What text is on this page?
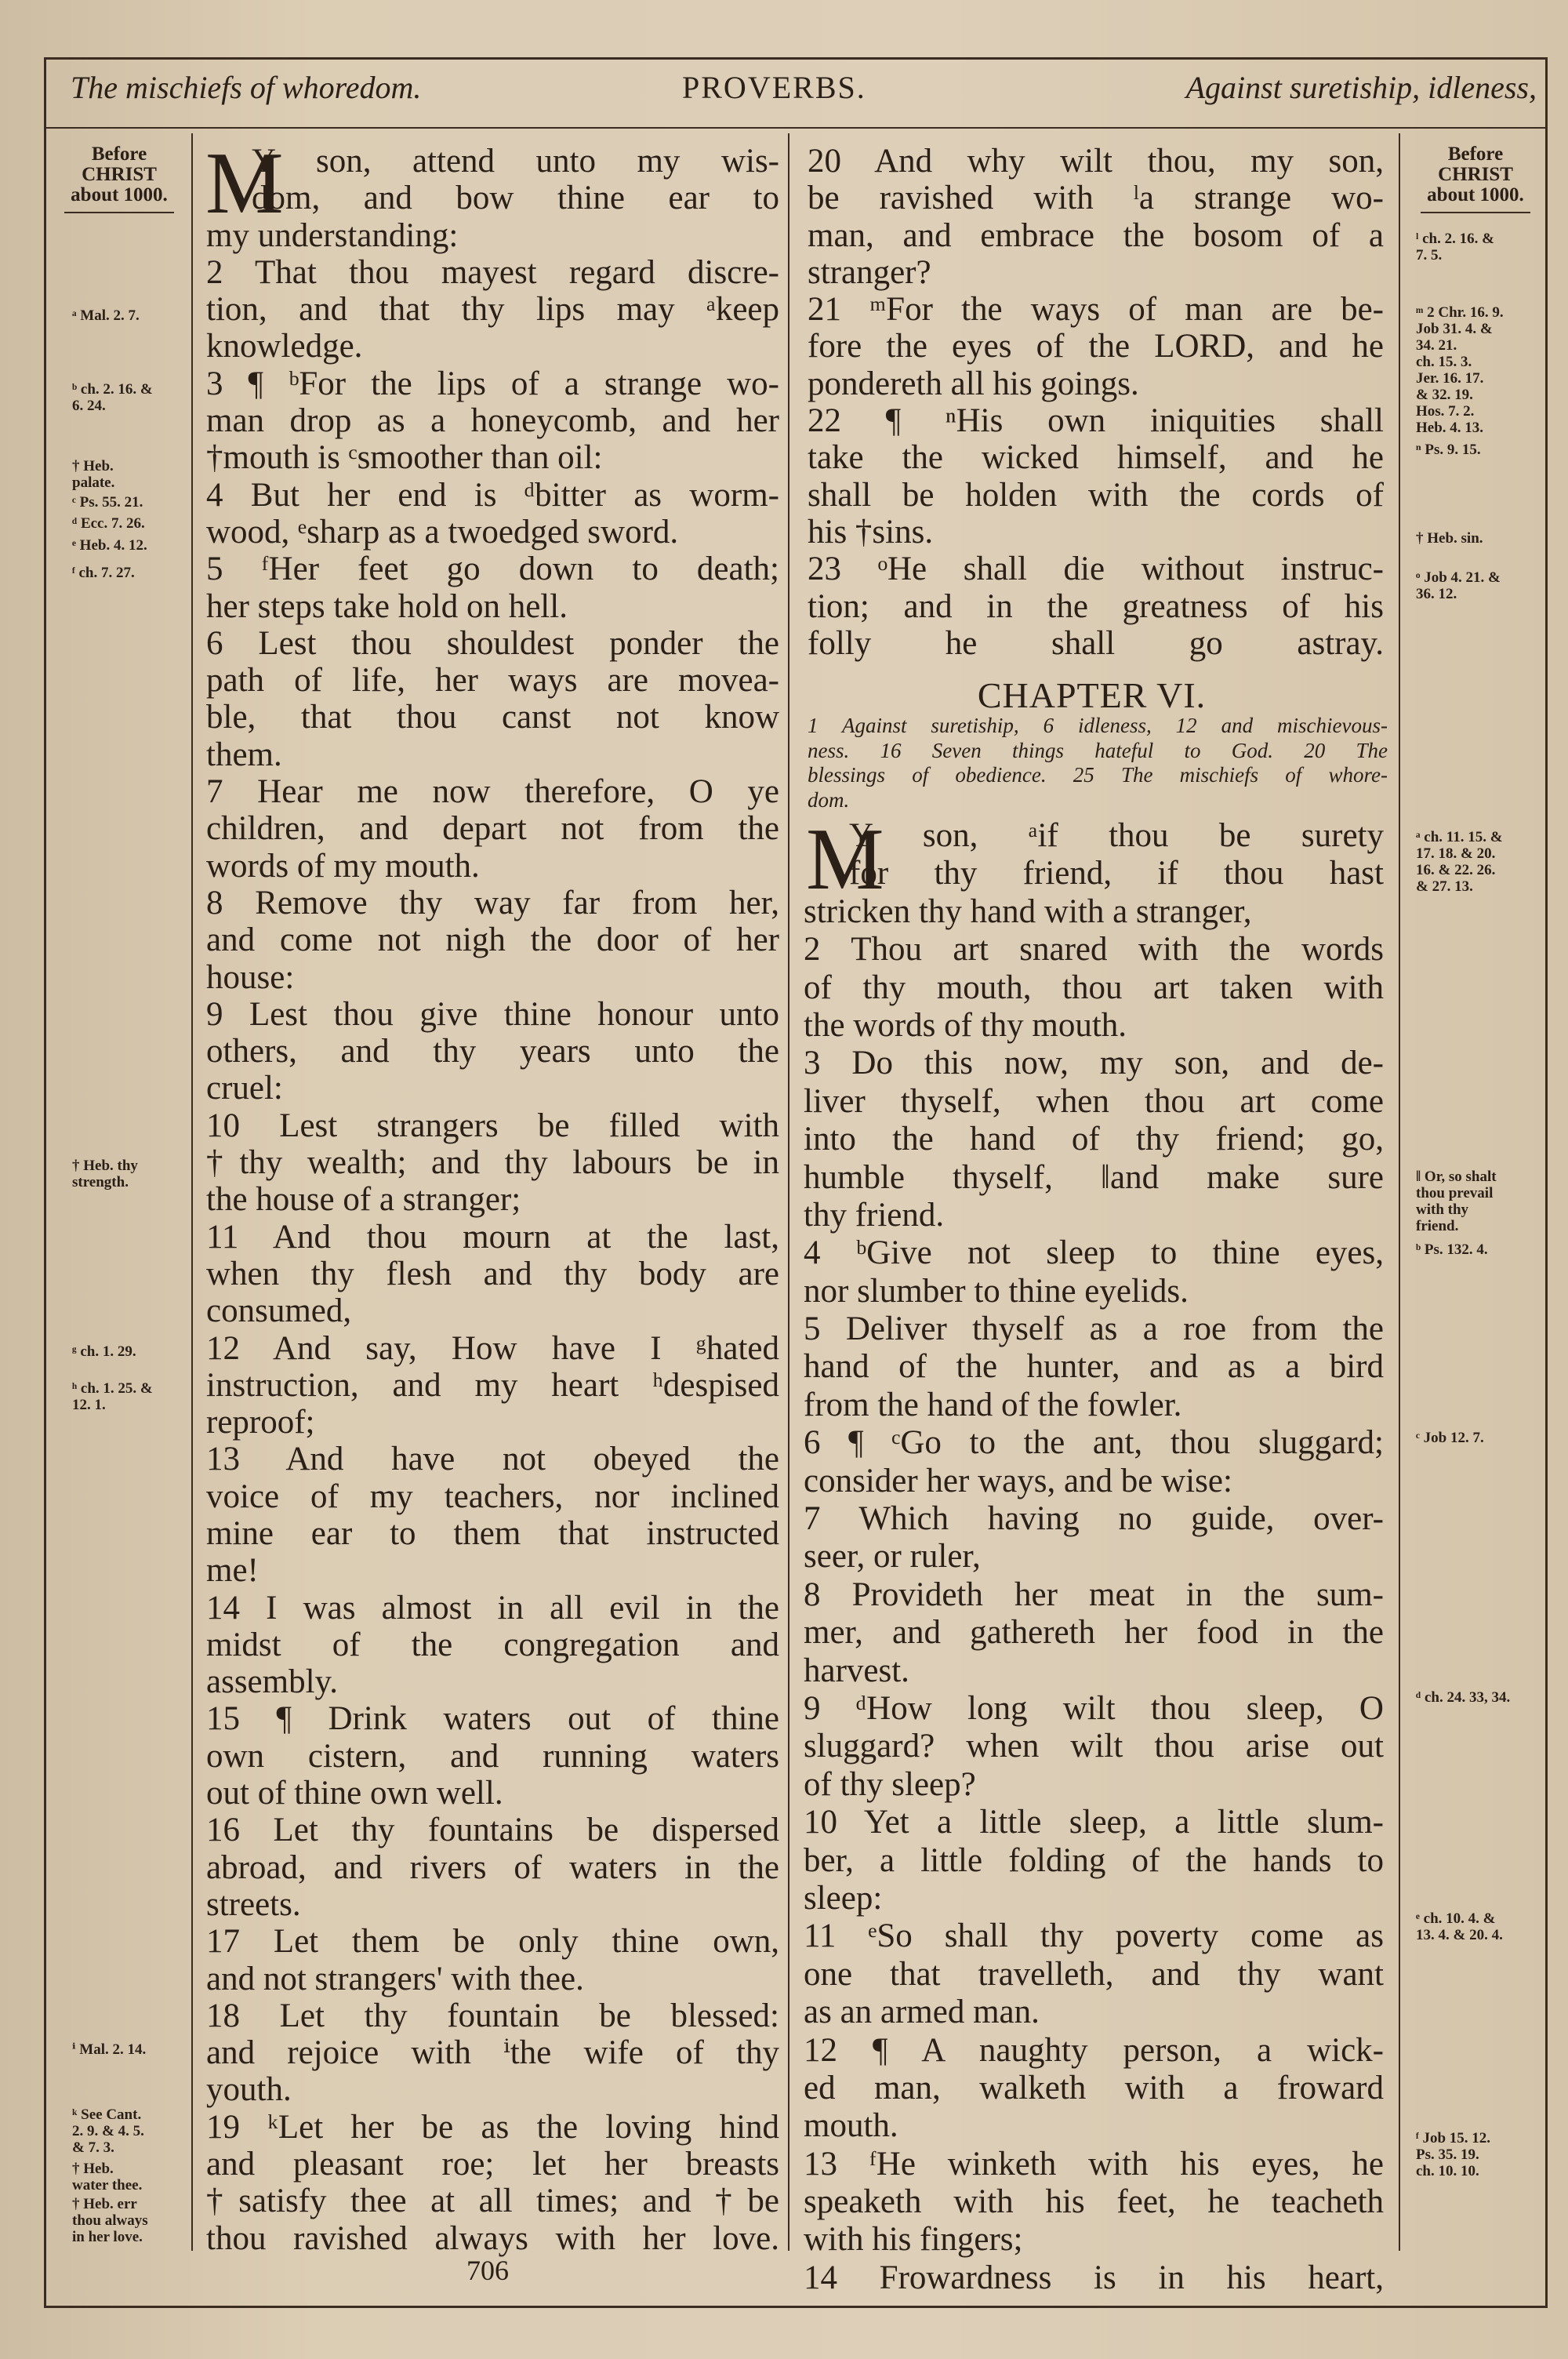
The mischiefs of whoredom.	PROVERBS.	Against suretiship, idleness,
Before
CHRIST
about 1000.
Before
CHRIST
about 1000.
M
Y son, attend unto my wis-
dom, and bow thine ear to
my understanding:
2 That thou mayest regard discre-
tion, and that thy lips may ᵃkeep
knowledge.
3 ¶ ᵇFor the lips of a strange wo-
man drop as a honeycomb, and her
†mouth is ᶜsmoother than oil:
4 But her end is ᵈbitter as worm-
wood, ᵉsharp as a twoedged sword.
5 ᶠHer feet go down to death;
her steps take hold on hell.
6 Lest thou shouldest ponder the
path of life, her ways are movea-
ble, that thou canst not know
them.
7 Hear me now therefore, O ye
children, and depart not from the
words of my mouth.
8 Remove thy way far from her,
and come not nigh the door of her
house:
9 Lest thou give thine honour unto
others, and thy years unto the
cruel:
10 Lest strangers be filled with
†thy wealth; and thy labours be in
the house of a stranger;
11 And thou mourn at the last,
when thy flesh and thy body are
consumed,
12 And say, How have I ᵍhated
instruction, and my heart ʰdespised
reproof;
13 And have not obeyed the
voice of my teachers, nor inclined
mine ear to them that instructed
me!
14 I was almost in all evil in the
midst of the congregation and
assembly.
15 ¶ Drink waters out of thine
own cistern, and running waters
out of thine own well.
16 Let thy fountains be dispersed
abroad, and rivers of waters in the
streets.
17 Let them be only thine own,
and not strangers' with thee.
18 Let thy fountain be blessed:
and rejoice with ⁱthe wife of thy
youth.
19 ᵏLet her be as the loving hind
and pleasant roe; let her breasts
†satisfy thee at all times; and †be
thou ravished always with her love.
20 And why wilt thou, my son,
be ravished with ˡa strange wo-
man, and embrace the bosom of a
stranger?
21 ᵐFor the ways of man are be-
fore the eyes of the LORD, and he
pondereth all his goings.
22 ¶ ⁿHis own iniquities shall
take the wicked himself, and he
shall be holden with the cords of
his †sins.
23 ᵒHe shall die without instruc-
tion; and in the greatness of his
folly he shall go astray.
CHAPTER VI.
1 Against suretiship, 6 idleness, 12 and mischievous-
ness. 16 Seven things hateful to God. 20 The
blessings of obedience. 25 The mischiefs of whore-
dom.
M
Y son, ᵃif thou be surety
for thy friend, if thou hast
stricken thy hand with a stranger,
2 Thou art snared with the words
of thy mouth, thou art taken with
the words of thy mouth.
3 Do this now, my son, and de-
liver thyself, when thou art come
into the hand of thy friend; go,
humble thyself, ‖and make sure
thy friend.
4 ᵇGive not sleep to thine eyes,
nor slumber to thine eyelids.
5 Deliver thyself as a roe from the
hand of the hunter, and as a bird
from the hand of the fowler.
6 ¶ ᶜGo to the ant, thou sluggard;
consider her ways, and be wise:
7 Which having no guide, over-
seer, or ruler,
8 Provideth her meat in the sum-
mer, and gathereth her food in the
harvest.
9 ᵈHow long wilt thou sleep, O
sluggard? when wilt thou arise out
of thy sleep?
10 Yet a little sleep, a little slum-
ber, a little folding of the hands to
sleep:
11 ᵉSo shall thy poverty come as
one that travelleth, and thy want
as an armed man.
12 ¶ A naughty person, a wick-
ed man, walketh with a froward
mouth.
13 ᶠHe winketh with his eyes, he
speaketh with his feet, he teacheth
with his fingers;
14 Frowardness is in his heart,
ᵃ Mal. 2. 7.
ᵇ ch. 2. 16. &
6. 24.
† Heb.
palate.
ᶜ Ps. 55. 21.
ᵈ Ecc. 7. 26.
ᵉ Heb. 4. 12.
ᶠ ch. 7. 27.
† Heb. thy
strength.
ᵍ ch. 1. 29.
ʰ ch. 1. 25. &
12. 1.
ⁱ Mal. 2. 14.
ᵏ See Cant.
2. 9. & 4. 5.
& 7. 3.
† Heb.
water thee.
† Heb. err
thou always
in her love.
ˡ ch. 2. 16. &
7. 5.
ᵐ 2 Chr. 16. 9.
Job 31. 4. &
34. 21.
ch. 15. 3.
Jer. 16. 17.
& 32. 19.
Hos. 7. 2.
Heb. 4. 13.
ⁿ Ps. 9. 15.
† Heb. sin.
ᵒ Job 4. 21. &
36. 12.
ᵃ ch. 11. 15. &
17. 18. & 20.
16. & 22. 26.
& 27. 13.
‖ Or, so shalt
thou prevail
with thy
friend.
ᵇ Ps. 132. 4.
ᶜ Job 12. 7.
ᵈ ch. 24. 33, 34.
ᵉ ch. 10. 4. &
13. 4. & 20. 4.
ᶠ Job 15. 12.
Ps. 35. 19.
ch. 10. 10.
706
